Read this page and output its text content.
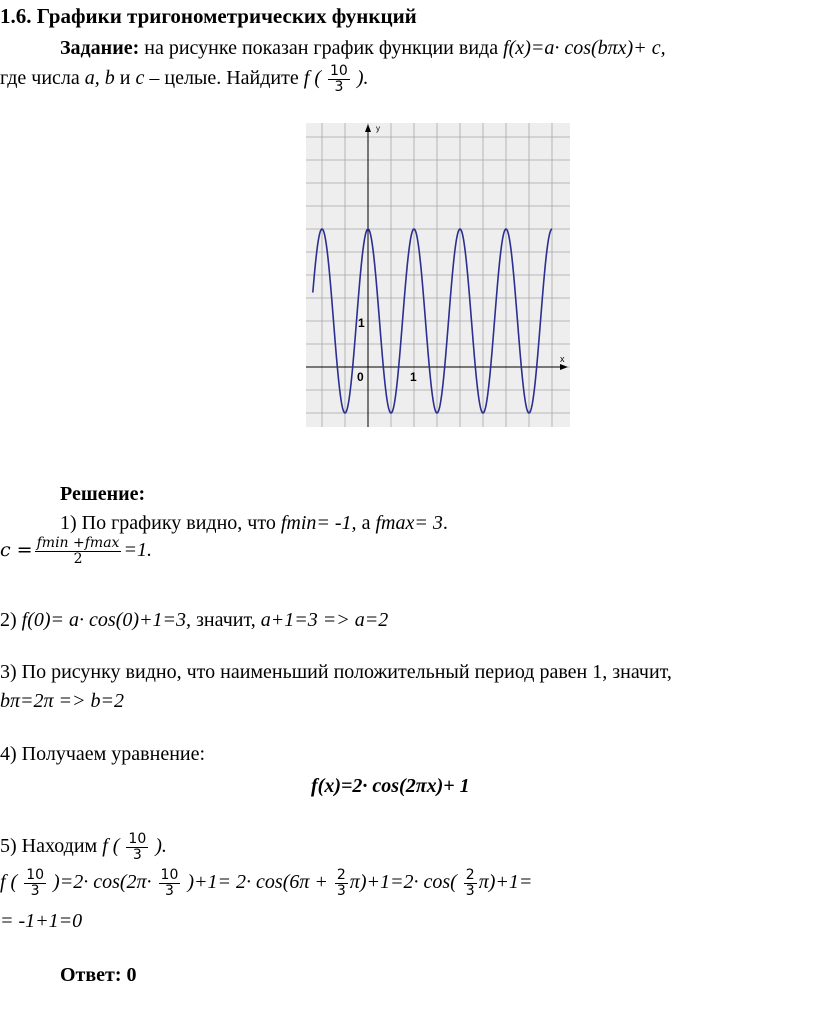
1.6. Графики тригонометрических функций
Задание: на рисунке показан график функции вида f(x)=a· cos(bπx)+ c,
где числа a, b и c – целые. Найдите f ( $\frac{10}{3}$ ).
y
x
0	1
1
Решение:
1) По графику видно, что fmin= -1, а fmax= 3.
$c = \frac{fmin +fmax}{2} =1$.
2) f(0)= a· cos(0)+1=3, значит, a+1=3 => a=2
3) По рисунку видно, что наименьший положительный период равен 1, значит,
bπ=2π => b=2
4) Получаем уравнение:
f(x)=2· cos(2πx)+ 1
5) Находим f ( $\frac{10}{3}$ ).
f ( $\frac{10}{3} )=2\cdot \cos(2\pi\cdot \frac{10}{3} )+1= 2\cdot \cos(6\pi + \frac{2}{3} \pi)+1=2\cdot \cos( \frac{2}{3} \pi)+1=$
= -1+1=0
Ответ: 0
